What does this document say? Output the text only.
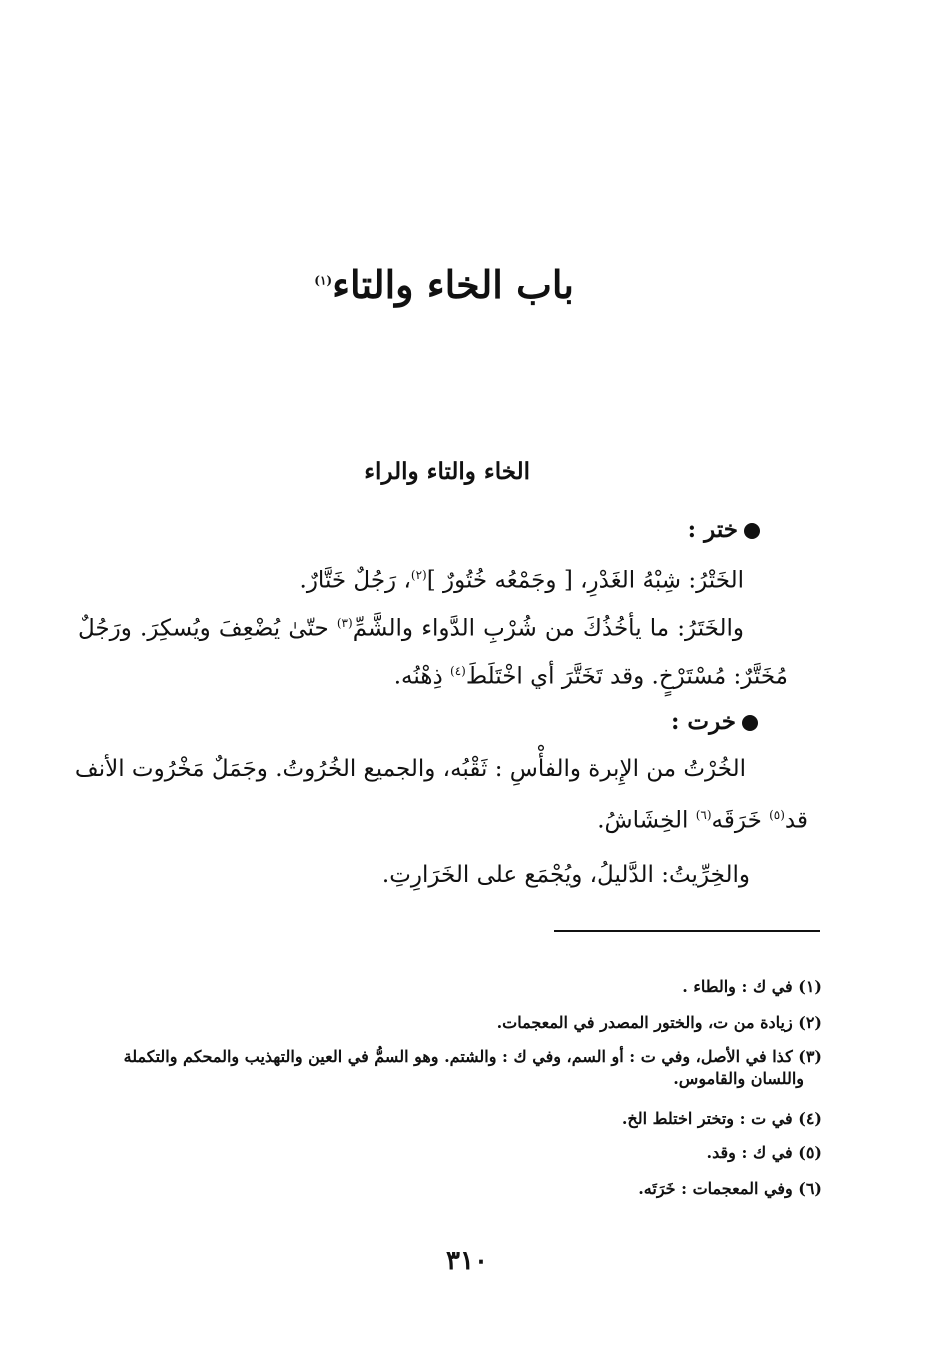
باب الخاء والتاء$^{(١)}$
الخاء والتاء والراء
ختر :
الخَتْرُ: شِبْهُ الغَدْرِ، [ وجَمْعُه خُتُورٌ ]$^{(٢)}$، رَجُلٌ خَتَّارٌ.
والخَتَرُ: ما يأخُذُكَ من شُرْبِ الدَّواء والشَّمِّ$^{(٣)}$ حتّىٰ يُضْعِفَ ويُسكِرَ. ورَجُلٌ
مُخَتَّرٌ: مُسْتَرْخٍ. وقد تَخَتَّرَ أي اخْتَلَطَ$^{(٤)}$ ذِهْنُه.
خرت :
الخُرْتُ من الإِبرة والفأْسِ : ثَقْبُه، والجميع الخُرُوتُ. وجَمَلٌ مَخْرُوت الأنف
قد$^{(٥)}$ خَرَقَه$^{(٦)}$ الخِشَاشُ.
والخِرِّيتُ: الدَّليلُ، ويُجْمَع على الخَرَارِتِ.
(١) في ك : والطاء .
(٢) زيادة من ت، والختور المصدر في المعجمات.
(٣) كذا في الأصل، وفي ت : أو السم، وفي ك : والشتم. وهو السمُّ في العين والتهذيب والمحكم والتكملة
واللسان والقاموس.
(٤) في ت : وتختر اختلط الخ.
(٥) في ك : وقد.
(٦) وفي المعجمات : خَرَتَه.
٣١٠
